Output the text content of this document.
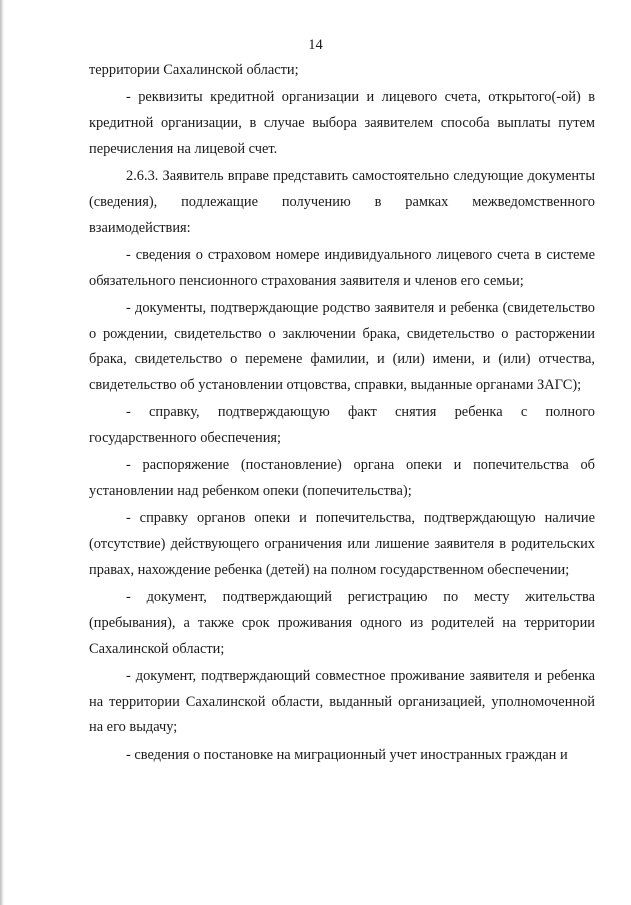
14

территории Сахалинской области;

- реквизиты кредитной организации и лицевого счета, открытого(-ой) в кредитной организации, в случае выбора заявителем способа выплаты путем перечисления на лицевой счет.

2.6.3. Заявитель вправе представить самостоятельно следующие документы (сведения), подлежащие получению в рамках межведомственного взаимодействия:

- сведения о страховом номере индивидуального лицевого счета в системе обязательного пенсионного страхования заявителя и членов его семьи;

- документы, подтверждающие родство заявителя и ребенка (свидетельство о рождении, свидетельство о заключении брака, свидетельство о расторжении брака, свидетельство о перемене фамилии, и (или) имени, и (или) отчества, свидетельство об установлении отцовства, справки, выданные органами ЗАГС);

- справку, подтверждающую факт снятия ребенка с полного государственного обеспечения;

- распоряжение (постановление) органа опеки и попечительства об установлении над ребенком опеки (попечительства);

- справку органов опеки и попечительства, подтверждающую наличие (отсутствие) действующего ограничения или лишение заявителя в родительских правах, нахождение ребенка (детей) на полном государственном обеспечении;

- документ, подтверждающий регистрацию по месту жительства (пребывания), а также срок проживания одного из родителей на территории Сахалинской области;

- документ, подтверждающий совместное проживание заявителя и ребенка на территории Сахалинской области, выданный организацией, уполномоченной на его выдачу;

- сведения о постановке на миграционный учет иностранных граждан и
